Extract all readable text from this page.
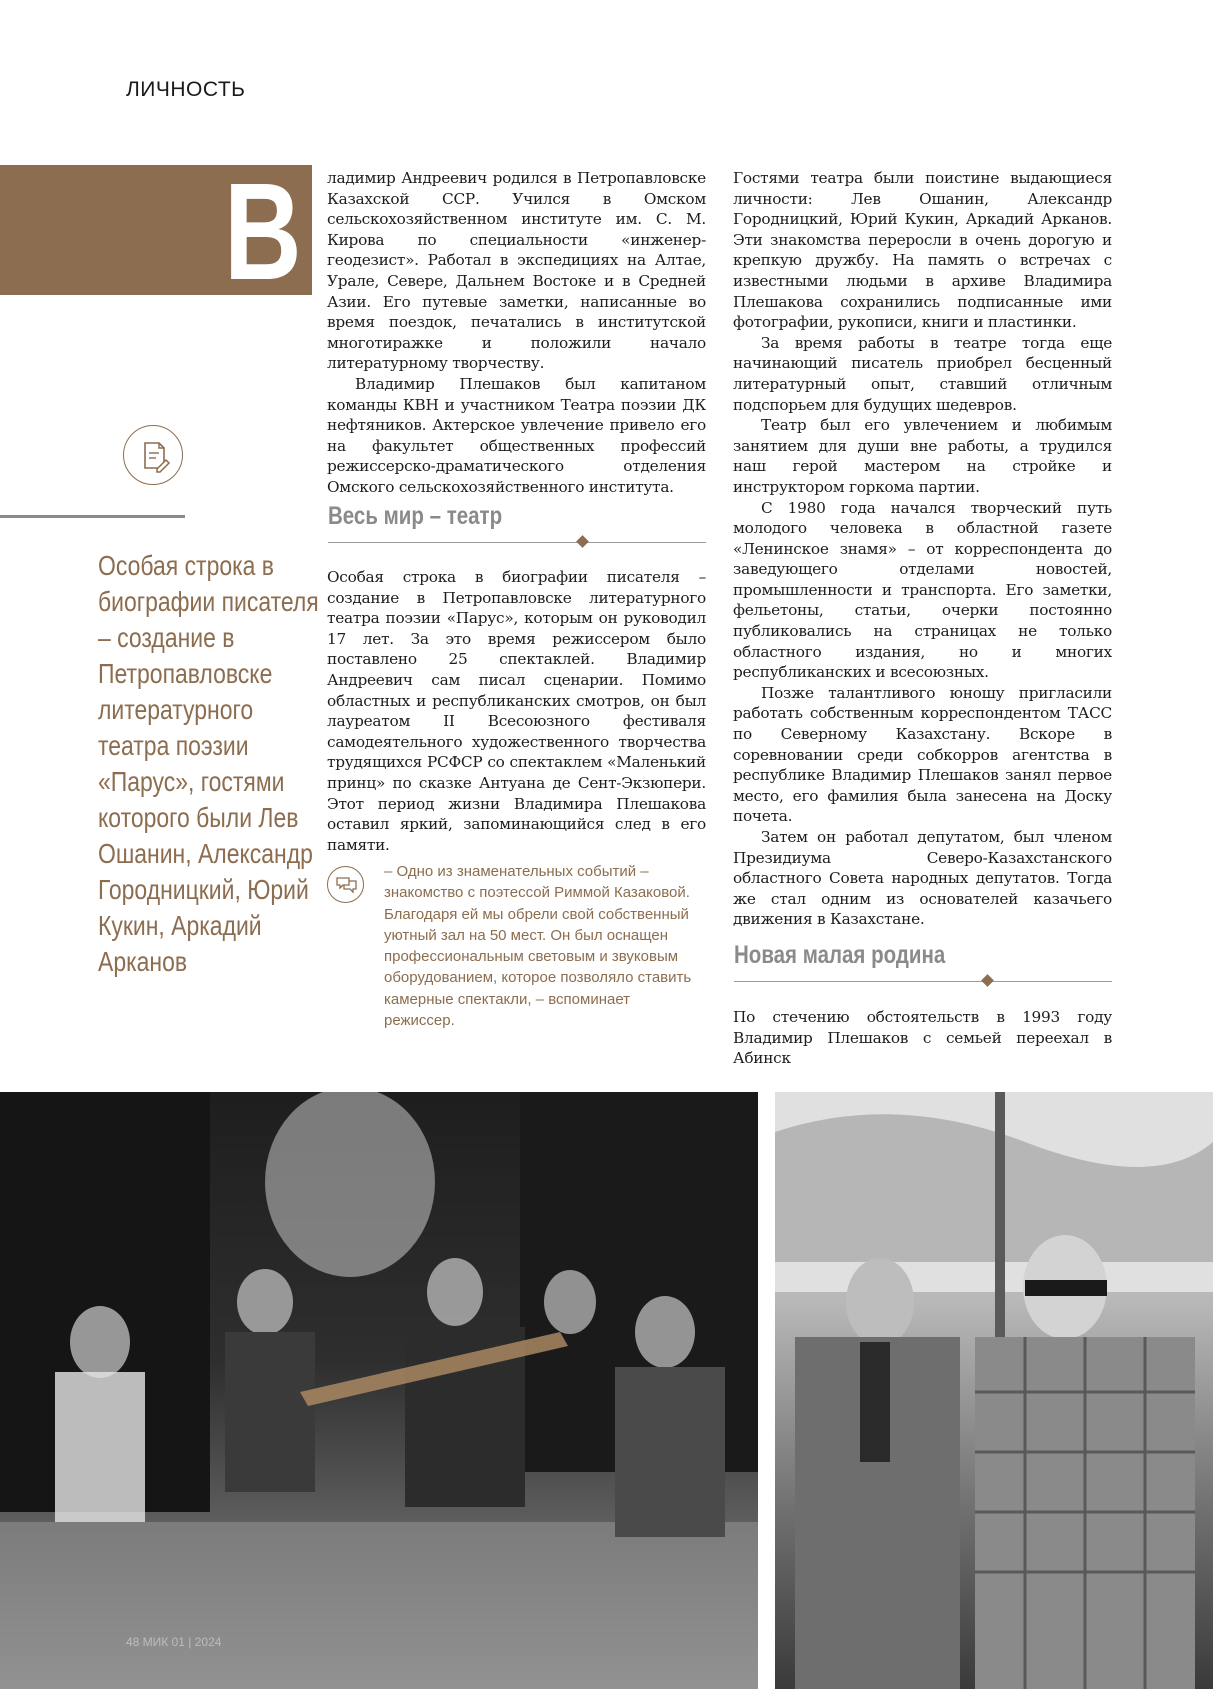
ЛИЧНОСТЬ

В

Особая строка в биографии писателя – создание в Петропавловске литературного театра поэзии «Парус», гостями которого были Лев Ошанин, Александр Городницкий, Юрий Кукин, Аркадий Арканов

ладимир Андреевич родился в Петропавловске Казахской ССР. Учился в Омском сельскохозяйственном институте им. С. М. Кирова по специальности «инженер-геодезист». Работал в экспедициях на Алтае, Урале, Севере, Дальнем Востоке и в Средней Азии. Его путевые заметки, написанные во время поездок, печатались в институтской многотиражке и положили начало литературному творчеству.

Владимир Плешаков был капитаном команды КВН и участником Театра поэзии ДК нефтяников. Актерское увлечение привело его на факультет общественных профессий режиссерско-драматического отделения Омского сельскохозяйственного института.

Весь мир – театр

Особая строка в биографии писателя – создание в Петропавловске литературного театра поэзии «Парус», которым он руководил 17 лет. За это время режиссером было поставлено 25 спектаклей. Владимир Андреевич сам писал сценарии. Помимо областных и республиканских смотров, он был лауреатом II Всесоюзного фестиваля самодеятельного художественного творчества трудящихся РСФСР со спектаклем «Маленький принц» по сказке Антуана де Сент-Экзюпери. Этот период жизни Владимира Плешакова оставил яркий, запоминающийся след в его памяти.

– Одно из знаменательных событий – знакомство с поэтессой Риммой Казаковой. Благодаря ей мы обрели свой собственный уютный зал на 50 мест. Он был оснащен профессиональным световым и звуковым оборудованием, которое позволяло ставить камерные спектакли, – вспоминает режиссер.

Гостями театра были поистине выдающиеся личности: Лев Ошанин, Александр Городницкий, Юрий Кукин, Аркадий Арканов. Эти знакомства переросли в очень дорогую и крепкую дружбу. На память о встречах с известными людьми в архиве Владимира Плешакова сохранились подписанные ими фотографии, рукописи, книги и пластинки.

За время работы в театре тогда еще начинающий писатель приобрел бесценный литературный опыт, ставший отличным подспорьем для будущих шедевров.

Театр был его увлечением и любимым занятием для души вне работы, а трудился наш герой мастером на стройке и инструктором горкома партии.

С 1980 года начался творческий путь молодого человека в областной газете «Ленинское знамя» – от корреспондента до заведующего отделами новостей, промышленности и транспорта. Его заметки, фельетоны, статьи, очерки постоянно публиковались на страницах не только областного издания, но и многих республиканских и всесоюзных.

Позже талантливого юношу пригласили работать собственным корреспондентом ТАСС по Северному Казахстану. Вскоре в соревновании среди собкорров агентства в республике Владимир Плешаков занял первое место, его фамилия была занесена на Доску почета.

Затем он работал депутатом, был членом Президиума Северо-Казахстанского областного Совета народных депутатов. Тогда же стал одним из основателей казачьего движения в Казахстане.

Новая малая родина

По стечению обстоятельств в 1993 году Владимир Плешаков с семьей переехал в Абинск

48 МИК 01 | 2024
